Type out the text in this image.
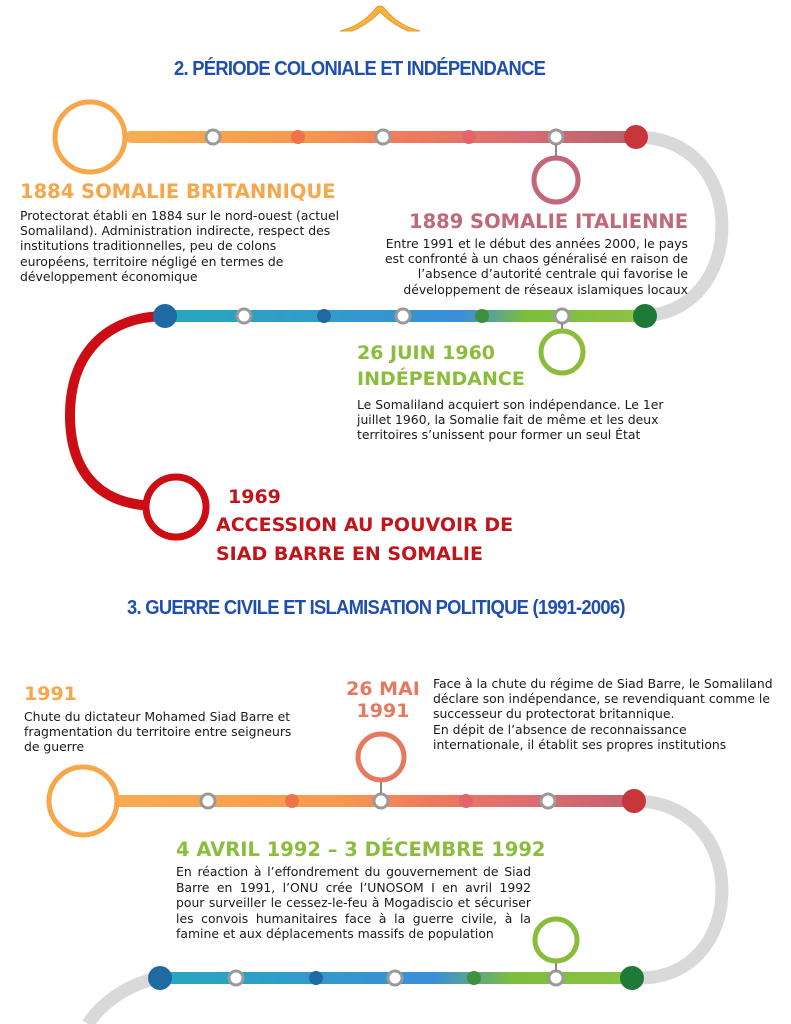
2. PÉRIODE COLONIALE ET INDÉPENDANCE
1884 SOMALIE BRITANNIQUE
Protectorat établi en 1884 sur le nord-ouest (actuel Somaliland). Administration indirecte, respect des institutions traditionnelles, peu de colons européens, territoire négligé en termes de développement économique
1889 SOMALIE ITALIENNE
Entre 1991 et le début des années 2000, le pays est confronté à un chaos généralisé en raison de l’absence d’autorité centrale qui favorise le développement de réseaux islamiques locaux
26 JUIN 1960
INDÉPENDANCE
Le Somaliland acquiert son indépendance. Le 1er juillet 1960, la Somalie fait de même et les deux territoires s’unissent pour former un seul État
1969
ACCESSION AU POUVOIR DE
SIAD BARRE EN SOMALIE
3. GUERRE CIVILE ET ISLAMISATION POLITIQUE (1991-2006)
1991
Chute du dictateur Mohamed Siad Barre et fragmentation du territoire entre seigneurs de guerre
26 MAI
1991
Face à la chute du régime de Siad Barre, le Somaliland déclare son indépendance, se revendiquant comme le successeur du protectorat britannique.
En dépit de l’absence de reconnaissance internationale, il établit ses propres institutions
4 AVRIL 1992 – 3 DÉCEMBRE 1992
En réaction à l’effondrement du gouvernement de Siad Barre en 1991, l’ONU crée l’UNOSOM I en avril 1992 pour surveiller le cessez-le-feu à Mogadiscio et sécuriser les convois humanitaires face à la guerre civile, à la famine et aux déplacements massifs de population
